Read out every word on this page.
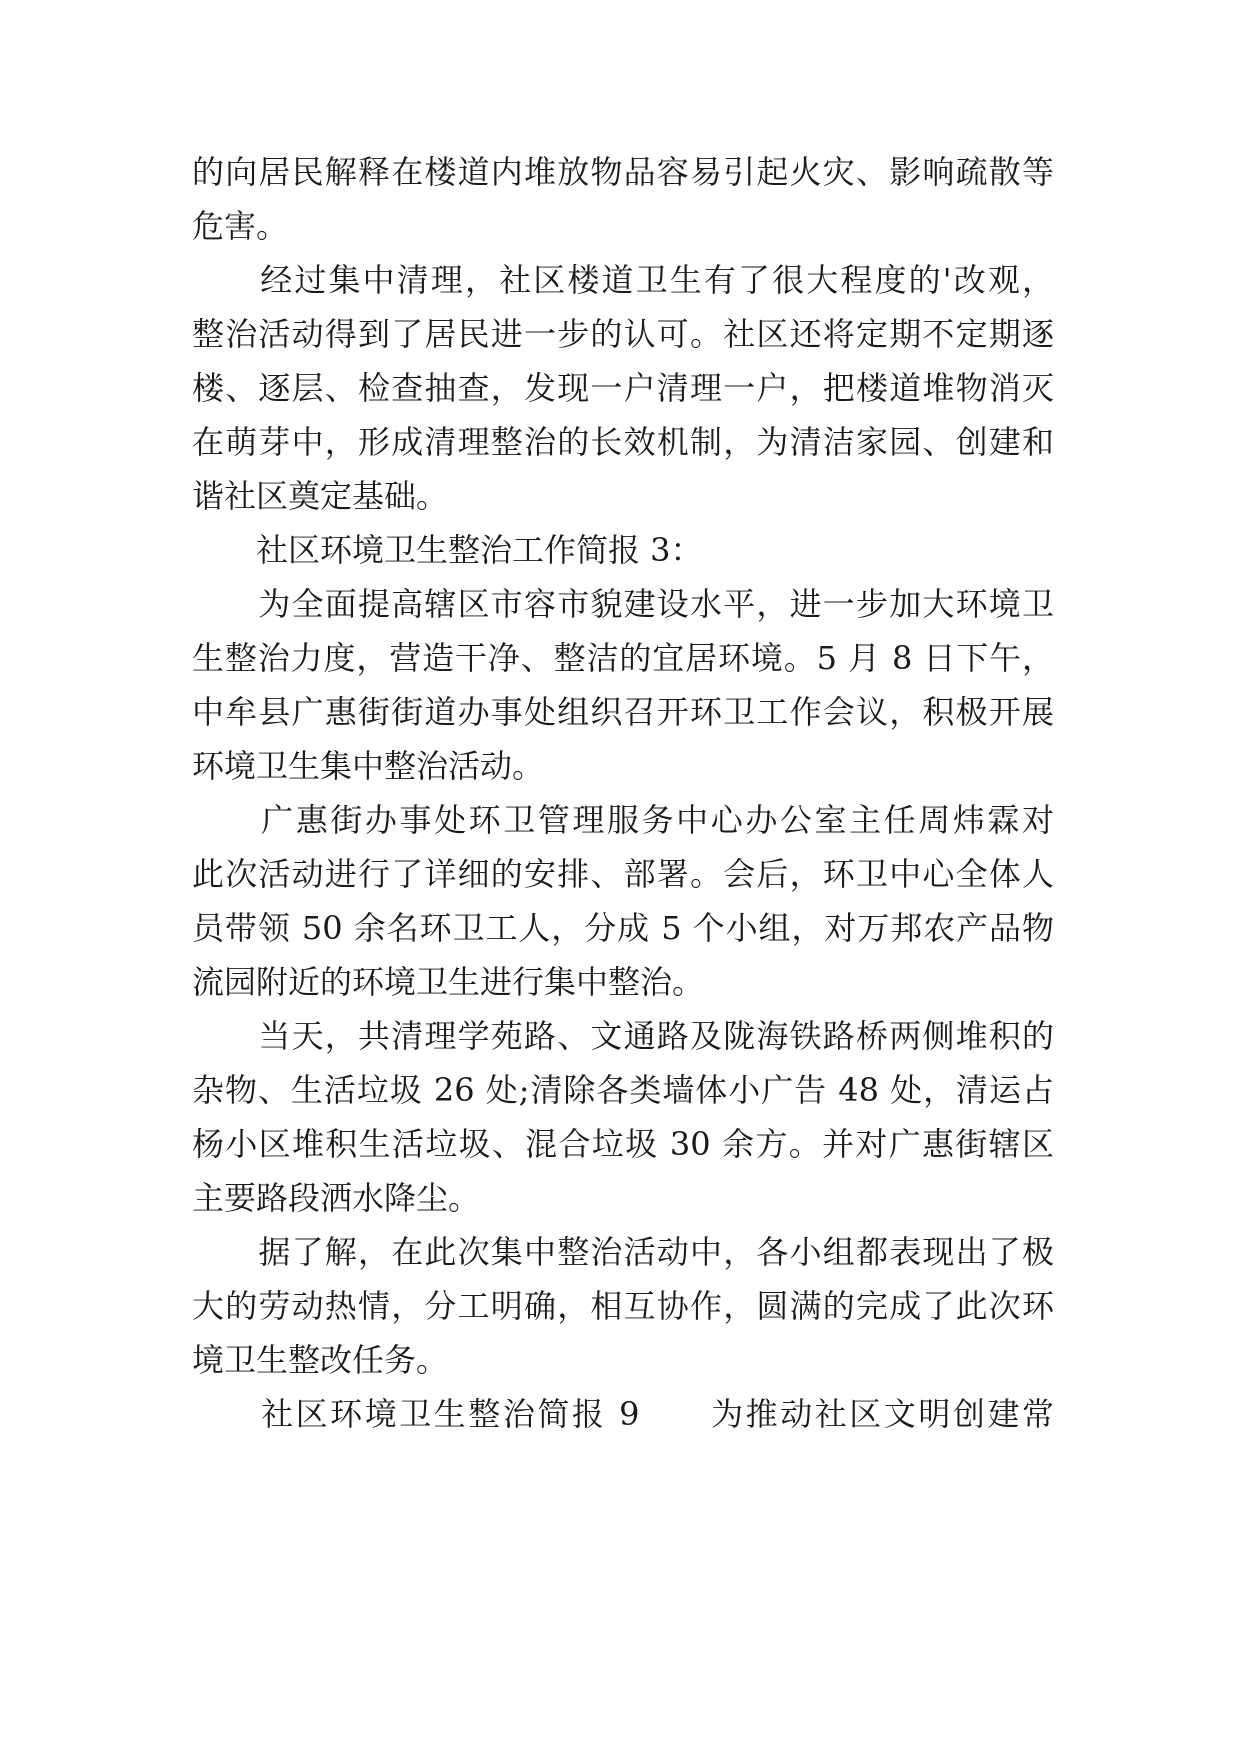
的向居民解释在楼道内堆放物品容易引起火灾、影响疏散等
危害。
　　经过集中清理，社区楼道卫生有了很大程度的'改观，
整治活动得到了居民进一步的认可。社区还将定期不定期逐
楼、逐层、检查抽查，发现一户清理一户，把楼道堆物消灭
在萌芽中，形成清理整治的长效机制，为清洁家园、创建和
谐社区奠定基础。
　　社区环境卫生整治工作简报 3：
　　为全面提高辖区市容市貌建设水平，进一步加大环境卫
生整治力度，营造干净、整洁的宜居环境。5 月 8 日下午，
中牟县广惠街街道办事处组织召开环卫工作会议，积极开展
环境卫生集中整治活动。
　　广惠街办事处环卫管理服务中心办公室主任周炜霖对
此次活动进行了详细的安排、部署。会后，环卫中心全体人
员带领 50 余名环卫工人，分成 5 个小组，对万邦农产品物
流园附近的环境卫生进行集中整治。
　　当天，共清理学苑路、文通路及陇海铁路桥两侧堆积的
杂物、生活垃圾 26 处;清除各类墙体小广告 48 处，清运占
杨小区堆积生活垃圾、混合垃圾 30 余方。并对广惠街辖区
主要路段洒水降尘。
　　据了解，在此次集中整治活动中，各小组都表现出了极
大的劳动热情，分工明确，相互协作，圆满的完成了此次环
境卫生整改任务。
　　社区环境卫生整治简报 9　　为推动社区文明创建常
